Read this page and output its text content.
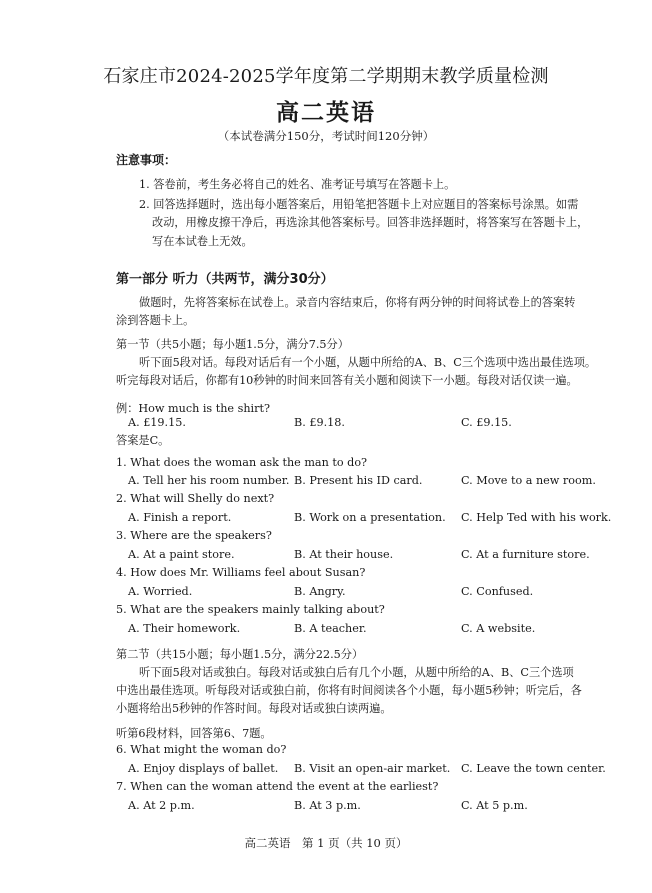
石家庄市2024-2025学年度第二学期期末教学质量检测
高二英语
（本试卷满分150分，考试时间120分钟）
注意事项：
1. 答卷前，考生务必将自己的姓名、准考证号填写在答题卡上。
2. 回答选择题时，选出每小题答案后，用铅笔把答题卡上对应题目的答案标号涂黑。如需
改动，用橡皮擦干净后，再选涂其他答案标号。回答非选择题时，将答案写在答题卡上，
写在本试卷上无效。
第一部分 听力（共两节，满分30分）
做题时，先将答案标在试卷上。录音内容结束后，你将有两分钟的时间将试卷上的答案转
涂到答题卡上。
第一节（共5小题；每小题1.5分，满分7.5分）
听下面5段对话。每段对话后有一个小题，从题中所给的A、B、C三个选项中选出最佳选项。
听完每段对话后，你都有10秒钟的时间来回答有关小题和阅读下一小题。每段对话仅读一遍。
例：How much is the shirt?
A. £19.15.	B. £9.18.	C. £9.15.
答案是C。
1. What does the woman ask the man to do?
A. Tell her his room number. B. Present his ID card.	C. Move to a new room.
2. What will Shelly do next?
A. Finish a report.	B. Work on a presentation. C. Help Ted with his work.
3. Where are the speakers?
A. At a paint store.	B. At their house.	C. At a furniture store.
4. How does Mr. Williams feel about Susan?
A. Worried.	B. Angry.	C. Confused.
5. What are the speakers mainly talking about?
A. Their homework.	B. A teacher.	C. A website.
第二节（共15小题；每小题1.5分，满分22.5分）
听下面5段对话或独白。每段对话或独白后有几个小题，从题中所给的A、B、C三个选项
中选出最佳选项。听每段对话或独白前，你将有时间阅读各个小题，每小题5秒钟；听完后，各
小题将给出5秒钟的作答时间。每段对话或独白读两遍。
听第6段材料，回答第6、7题。
6. What might the woman do?
A. Enjoy displays of ballet. B. Visit an open-air market. C. Leave the town center.
7. When can the woman attend the event at the earliest?
A. At 2 p.m.	B. At 3 p.m.	C. At 5 p.m.
高二英语　第 1 页（共 10 页）
